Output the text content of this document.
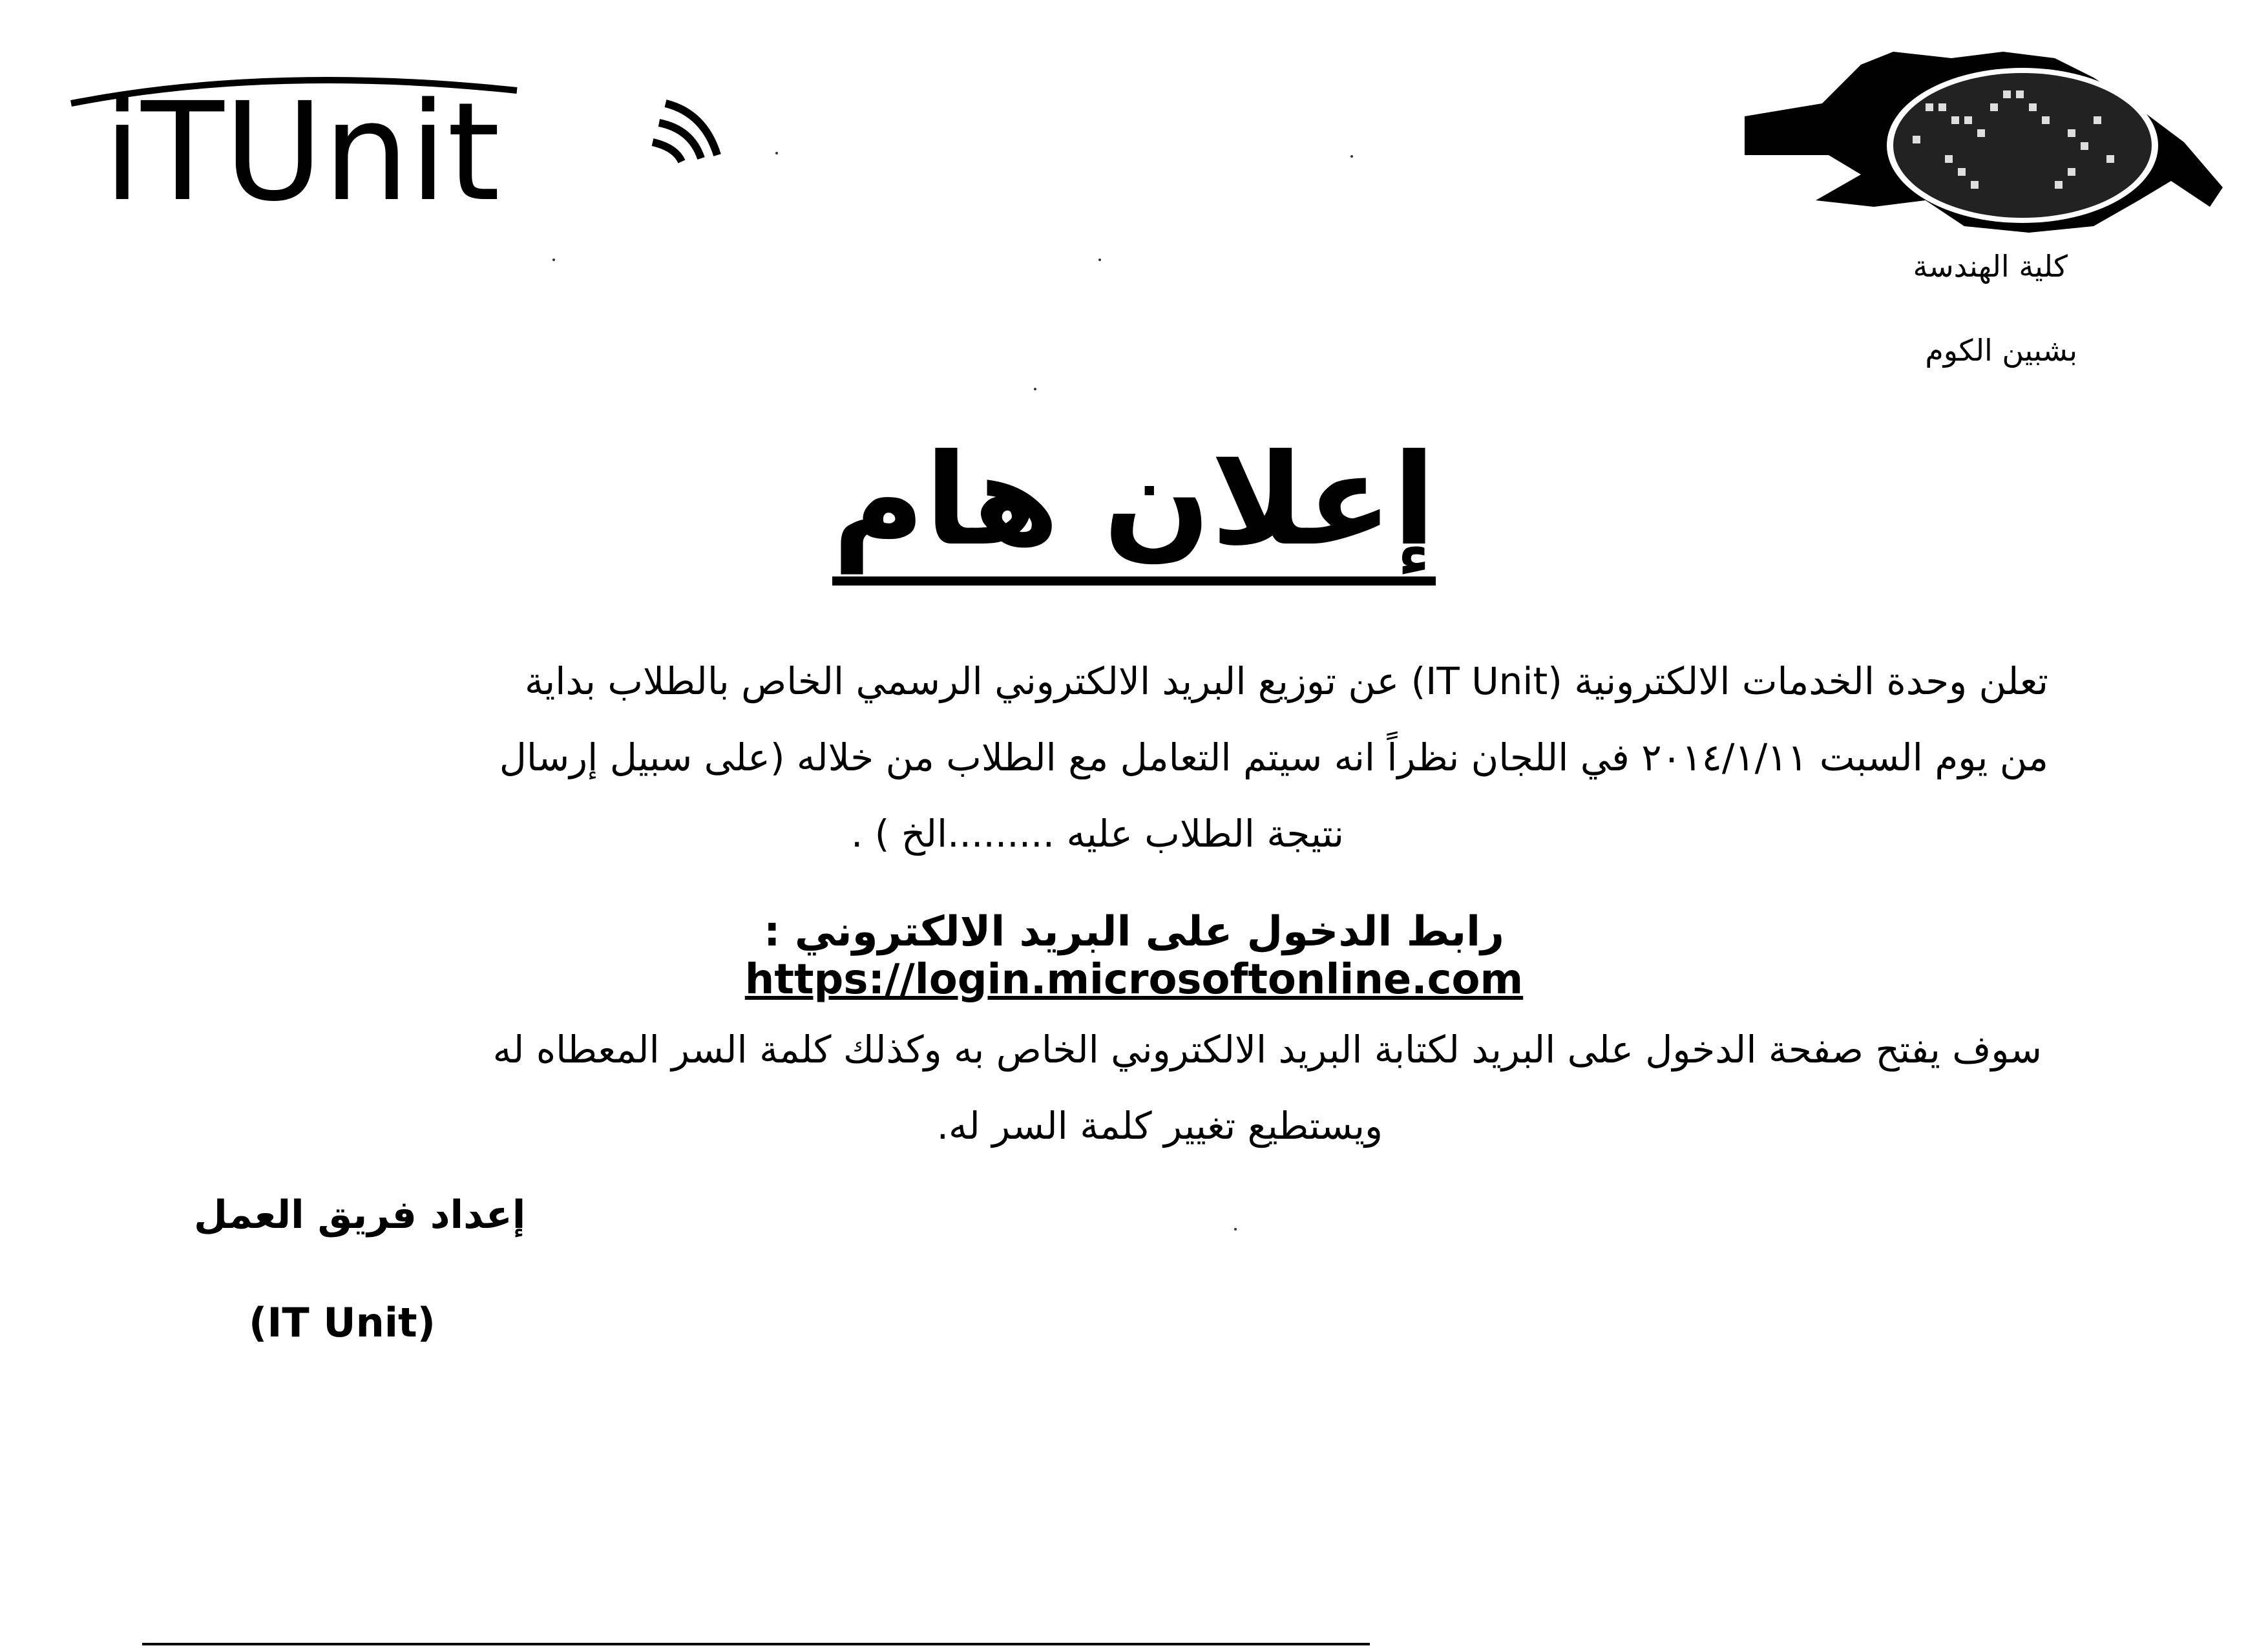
iTUnit
كلية الهندسة
بشبين الكوم
إعلان هام
تعلن وحدة الخدمات الالكترونية (IT Unit) عن توزيع البريد الالكتروني الرسمي الخاص بالطلاب بداية
من يوم السبت ٢٠١٤/١/١١ في اللجان نظراً انه سيتم التعامل مع الطلاب من خلاله (على سبيل إرسال
نتيجة الطلاب عليه .........الخ ) .
رابط الدخول على البريد الالكتروني : https://login.microsoftonline.com
سوف يفتح صفحة الدخول على البريد لكتابة البريد الالكتروني الخاص به وكذلك كلمة السر المعطاه له
ويستطيع تغيير كلمة السر له.
إعداد فريق العمل
(IT Unit)
